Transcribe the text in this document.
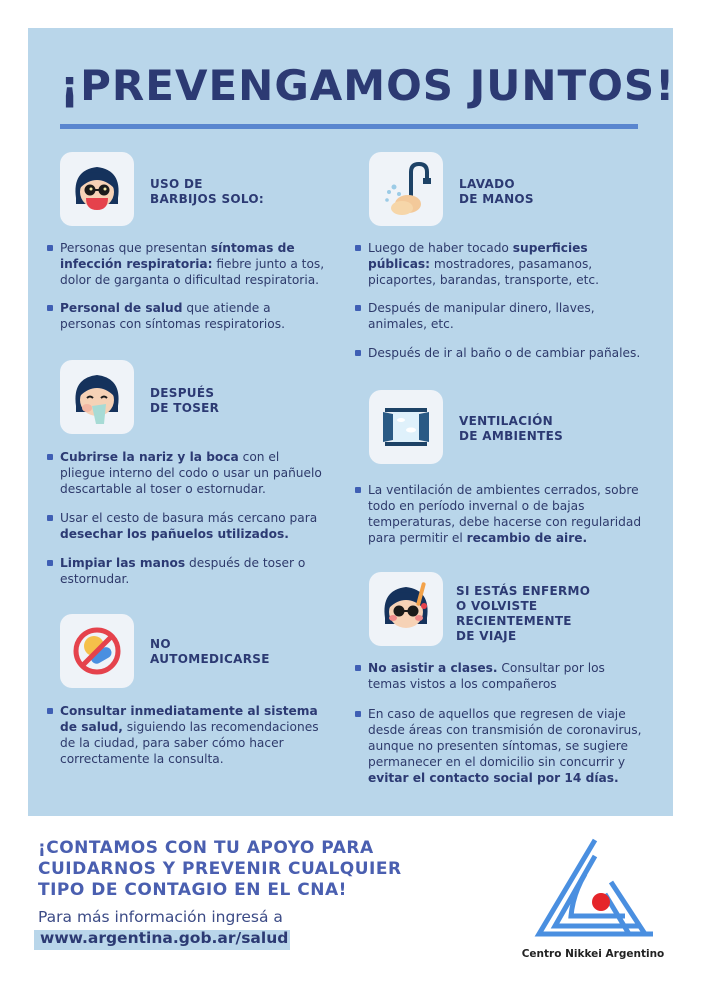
¡PREVENGAMOS JUNTOS!
USO DE
BARBIJOS SOLO:
Personas que presentan síntomas de infección respiratoria: fiebre junto a tos, dolor de garganta o dificultad respiratoria.
Personal de salud que atiende a personas con síntomas respiratorios.
LAVADO
DE MANOS
Luego de haber tocado superficies públicas: mostradores, pasamanos, picaportes, barandas, transporte, etc.
Después de manipular dinero, llaves, animales, etc.
Después de ir al baño o de cambiar pañales.
DESPUÉS
DE TOSER
Cubrirse la nariz y la boca con el pliegue interno del codo o usar un pañuelo descartable al toser o estornudar.
Usar el cesto de basura más cercano para desechar los pañuelos utilizados.
Limpiar las manos después de toser o estornudar.
VENTILACIÓN
DE AMBIENTES
La ventilación de ambientes cerrados, sobre todo en período invernal o de bajas temperaturas, debe hacerse con regularidad para permitir el recambio de aire.
NO
AUTOMEDICARSE
Consultar inmediatamente al sistema de salud, siguiendo las recomendaciones de la ciudad, para saber cómo hacer correctamente la consulta.
SI ESTÁS ENFERMO
O VOLVISTE
RECIENTEMENTE
DE VIAJE
No asistir a clases. Consultar por los temas vistos a los compañeros
En caso de aquellos que regresen de viaje desde áreas con transmisión de coronavirus, aunque no presenten síntomas, se sugiere permanecer en el domicilio sin concurrir y evitar el contacto social por 14 días.
¡CONTAMOS CON TU APOYO PARA
CUIDARNOS Y PREVENIR CUALQUIER
TIPO DE CONTAGIO EN EL CNA!
Para más información ingresá a
www.argentina.gob.ar/salud
Centro Nikkei Argentino
